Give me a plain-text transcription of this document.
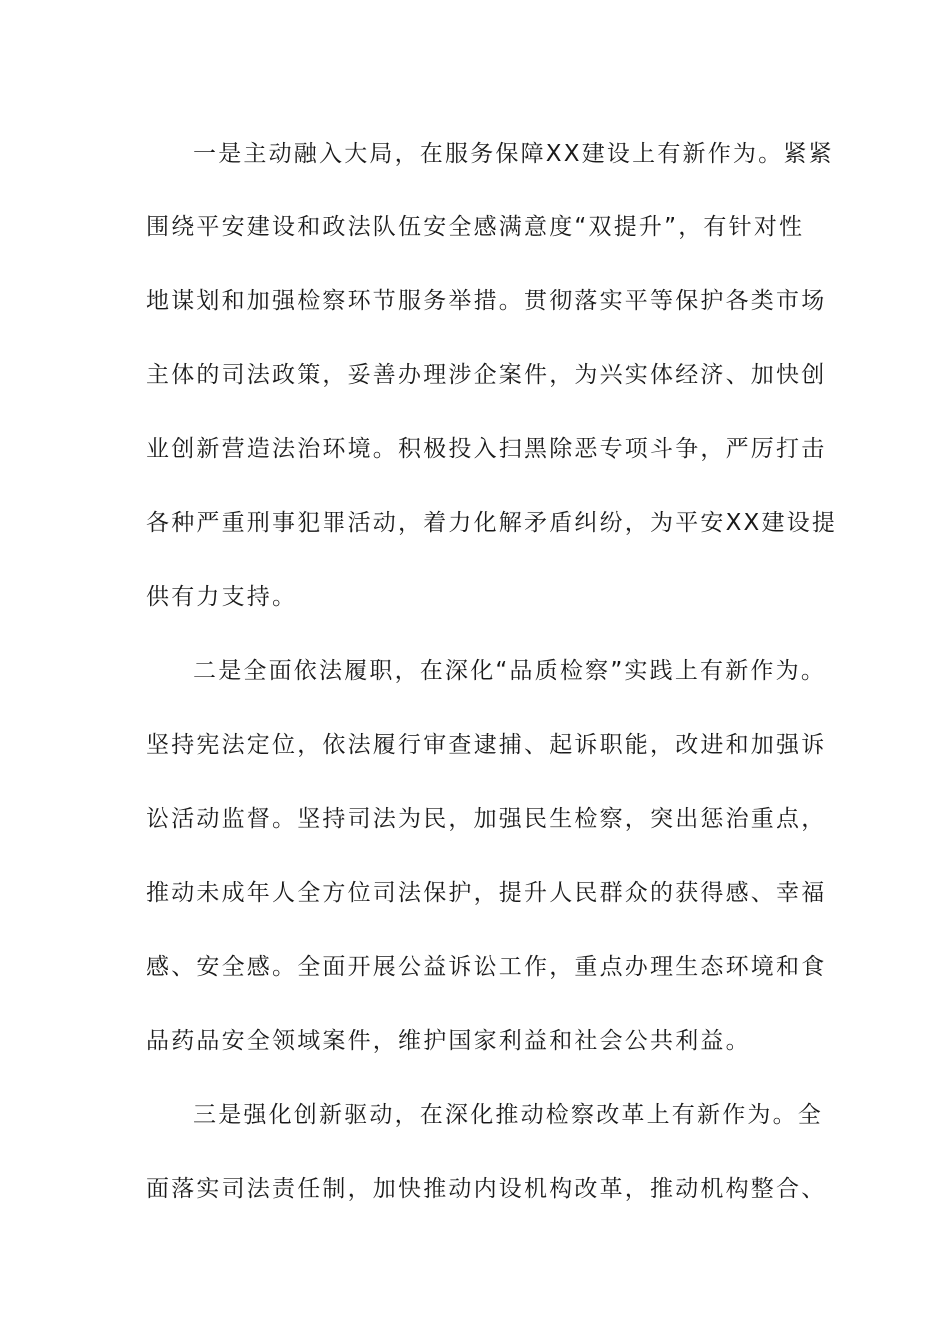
一是主动融入大局，在服务保障XX建设上有新作为。紧紧
围绕平安建设和政法队伍安全感满意度“双提升”，有针对性
地谋划和加强检察环节服务举措。贯彻落实平等保护各类市场
主体的司法政策，妥善办理涉企案件，为兴实体经济、加快创
业创新营造法治环境。积极投入扫黑除恶专项斗争，严厉打击
各种严重刑事犯罪活动，着力化解矛盾纠纷，为平安XX建设提
供有力支持。
二是全面依法履职，在深化“品质检察”实践上有新作为。
坚持宪法定位，依法履行审查逮捕、起诉职能，改进和加强诉
讼活动监督。坚持司法为民，加强民生检察，突出惩治重点，
推动未成年人全方位司法保护，提升人民群众的获得感、幸福
感、安全感。全面开展公益诉讼工作，重点办理生态环境和食
品药品安全领域案件，维护国家利益和社会公共利益。
三是强化创新驱动，在深化推动检察改革上有新作为。全
面落实司法责任制，加快推动内设机构改革，推动机构整合、
